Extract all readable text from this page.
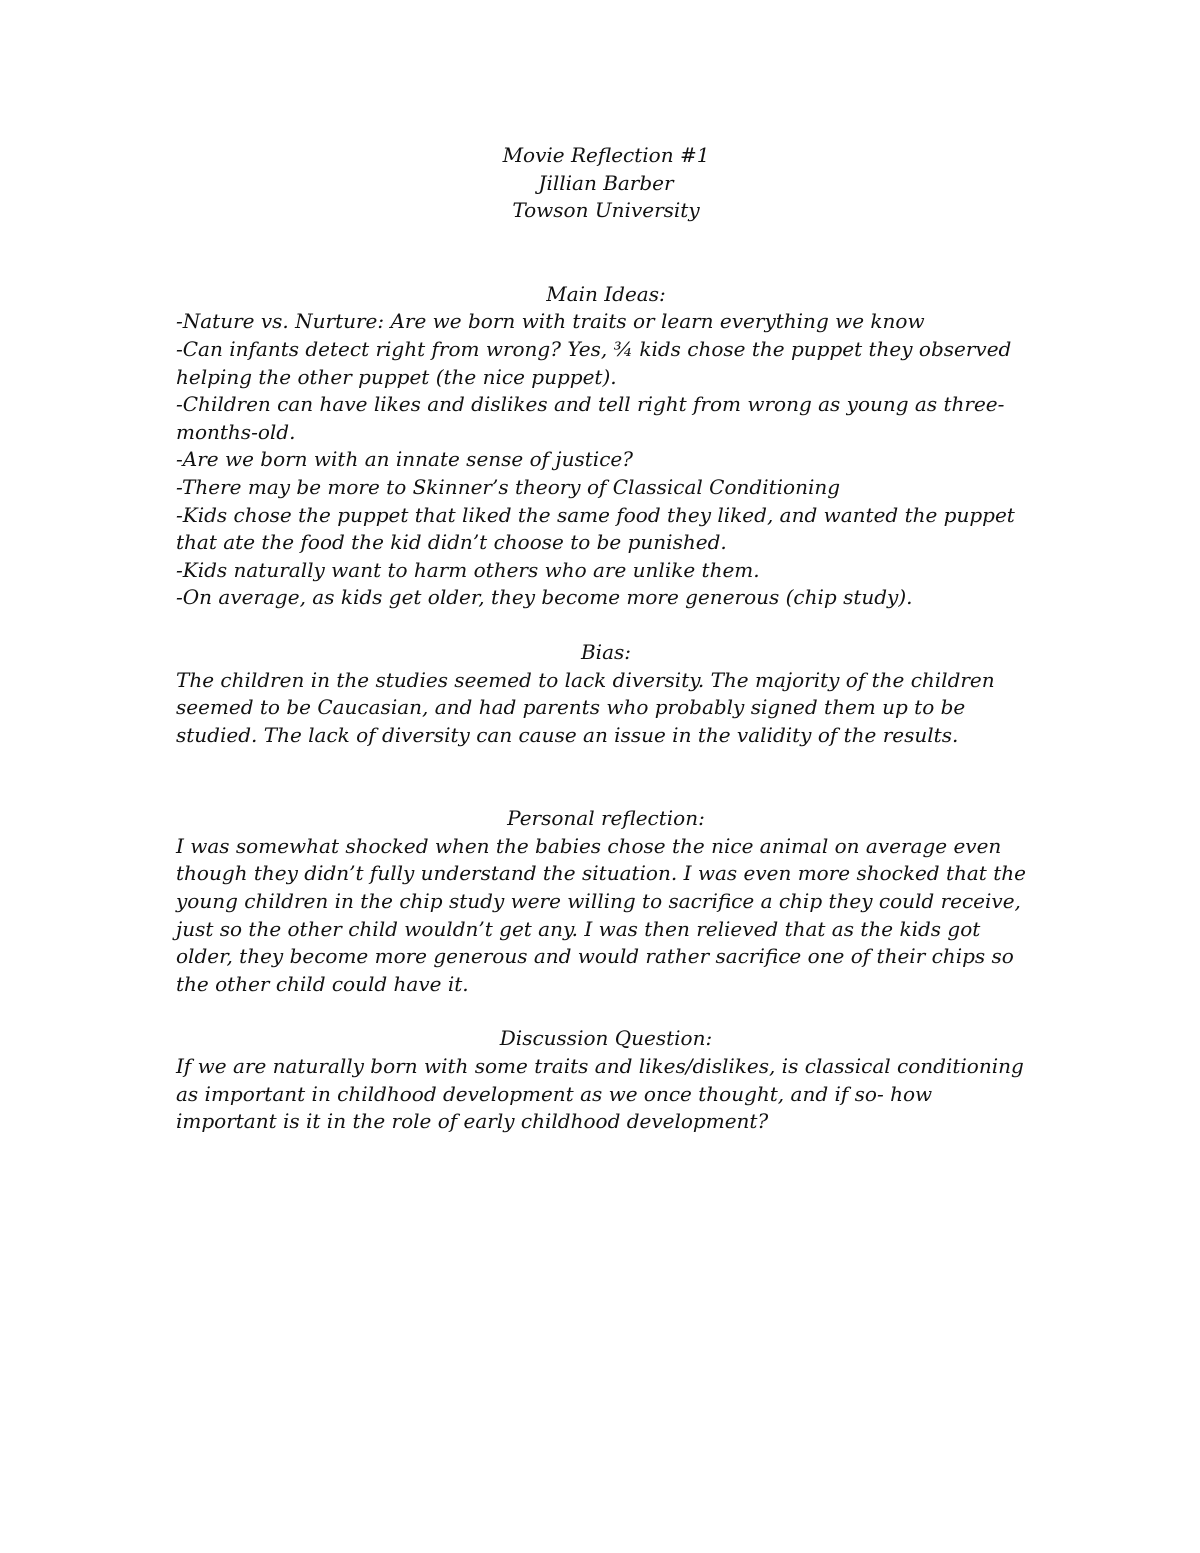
Movie Reflection #1
Jillian Barber
Towson University
Main Ideas:
-Nature vs. Nurture: Are we born with traits or learn everything we know
-Can infants detect right from wrong? Yes, ¾ kids chose the puppet they observed helping the other puppet (the nice puppet).
-Children can have likes and dislikes and tell right from wrong as young as three-months-old.
-Are we born with an innate sense of justice?
-There may be more to Skinner’s theory of Classical Conditioning
-Kids chose the puppet that liked the same food they liked, and wanted the puppet that ate the food the kid didn’t choose to be punished.
-Kids naturally want to harm others who are unlike them.
-On average, as kids get older, they become more generous (chip study).
Bias:
The children in the studies seemed to lack diversity. The majority of the children seemed to be Caucasian, and had parents who probably signed them up to be studied. The lack of diversity can cause an issue in the validity of the results.
Personal reflection:
I was somewhat shocked when the babies chose the nice animal on average even though they didn’t fully understand the situation. I was even more shocked that the young children in the chip study were willing to sacrifice a chip they could receive, just so the other child wouldn’t get any. I was then relieved that as the kids got older, they become more generous and would rather sacrifice one of their chips so the other child could have it.
Discussion Question:
If we are naturally born with some traits and likes/dislikes, is classical conditioning as important in childhood development as we once thought, and if so- how important is it in the role of early childhood development?
